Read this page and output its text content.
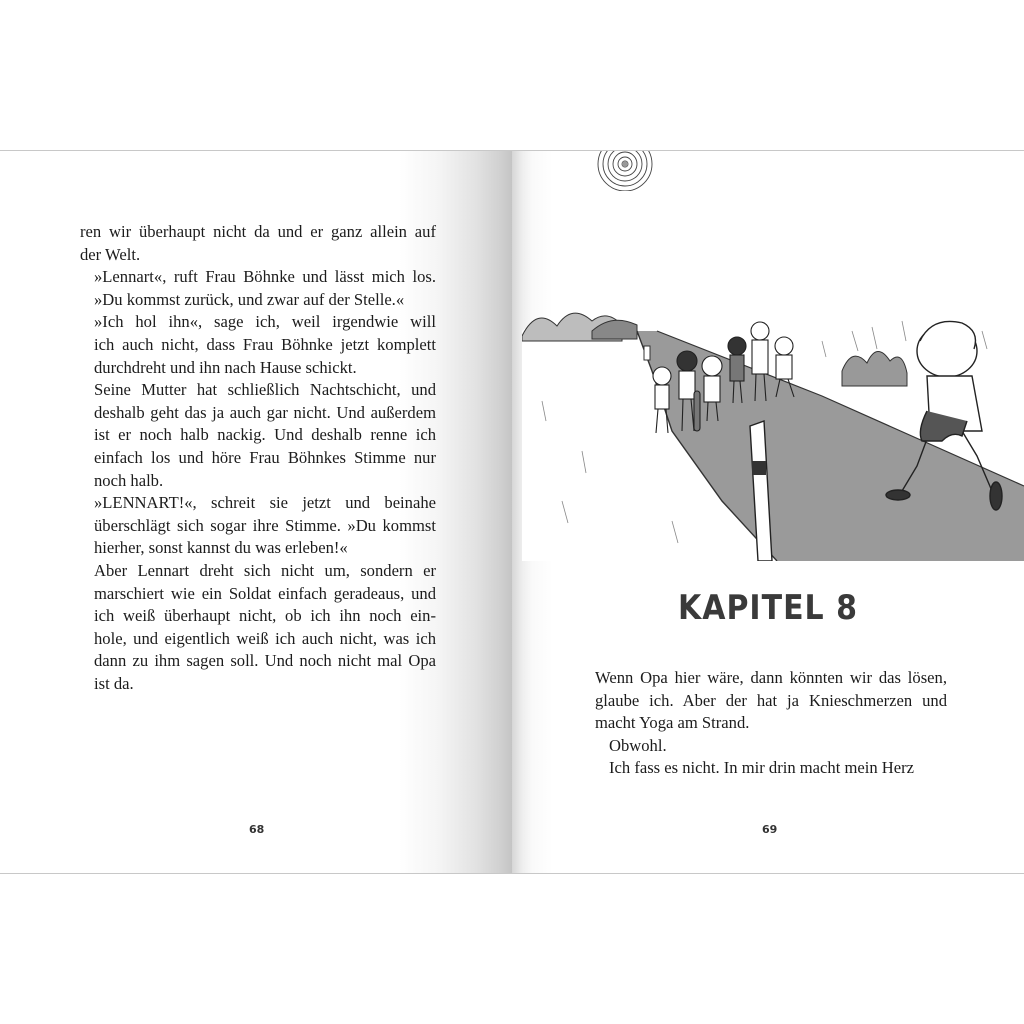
ren wir überhaupt nicht da und er ganz allein auf
der Welt.

»Lennart«, ruft Frau Böhnke und lässt mich los.
»Du kommst zurück, und zwar auf der Stelle.«

»Ich hol ihn«, sage ich, weil irgendwie will
ich auch nicht, dass Frau Böhnke jetzt komplett
durchdreht und ihn nach Hause schickt.

Seine Mutter hat schließlich Nachtschicht, und
deshalb geht das ja auch gar nicht. Und außerdem
ist er noch halb nackig. Und deshalb renne ich
einfach los und höre Frau Böhnkes Stimme nur
noch halb.

»LENNART!«, schreit sie jetzt und beinahe
überschlägt sich sogar ihre Stimme. »Du kommst
hierher, sonst kannst du was erleben!«

Aber Lennart dreht sich nicht um, sondern er
marschiert wie ein Soldat einfach geradeaus, und
ich weiß überhaupt nicht, ob ich ihn noch ein-
hole, und eigentlich weiß ich auch nicht, was ich
dann zu ihm sagen soll. Und noch nicht mal Opa
ist da.

68
KAPITEL 8

Wenn Opa hier wäre, dann könnten wir das lösen,
glaube ich. Aber der hat ja Knieschmerzen und
macht Yoga am Strand.

Obwohl.

Ich fass es nicht. In mir drin macht mein Herz

69
